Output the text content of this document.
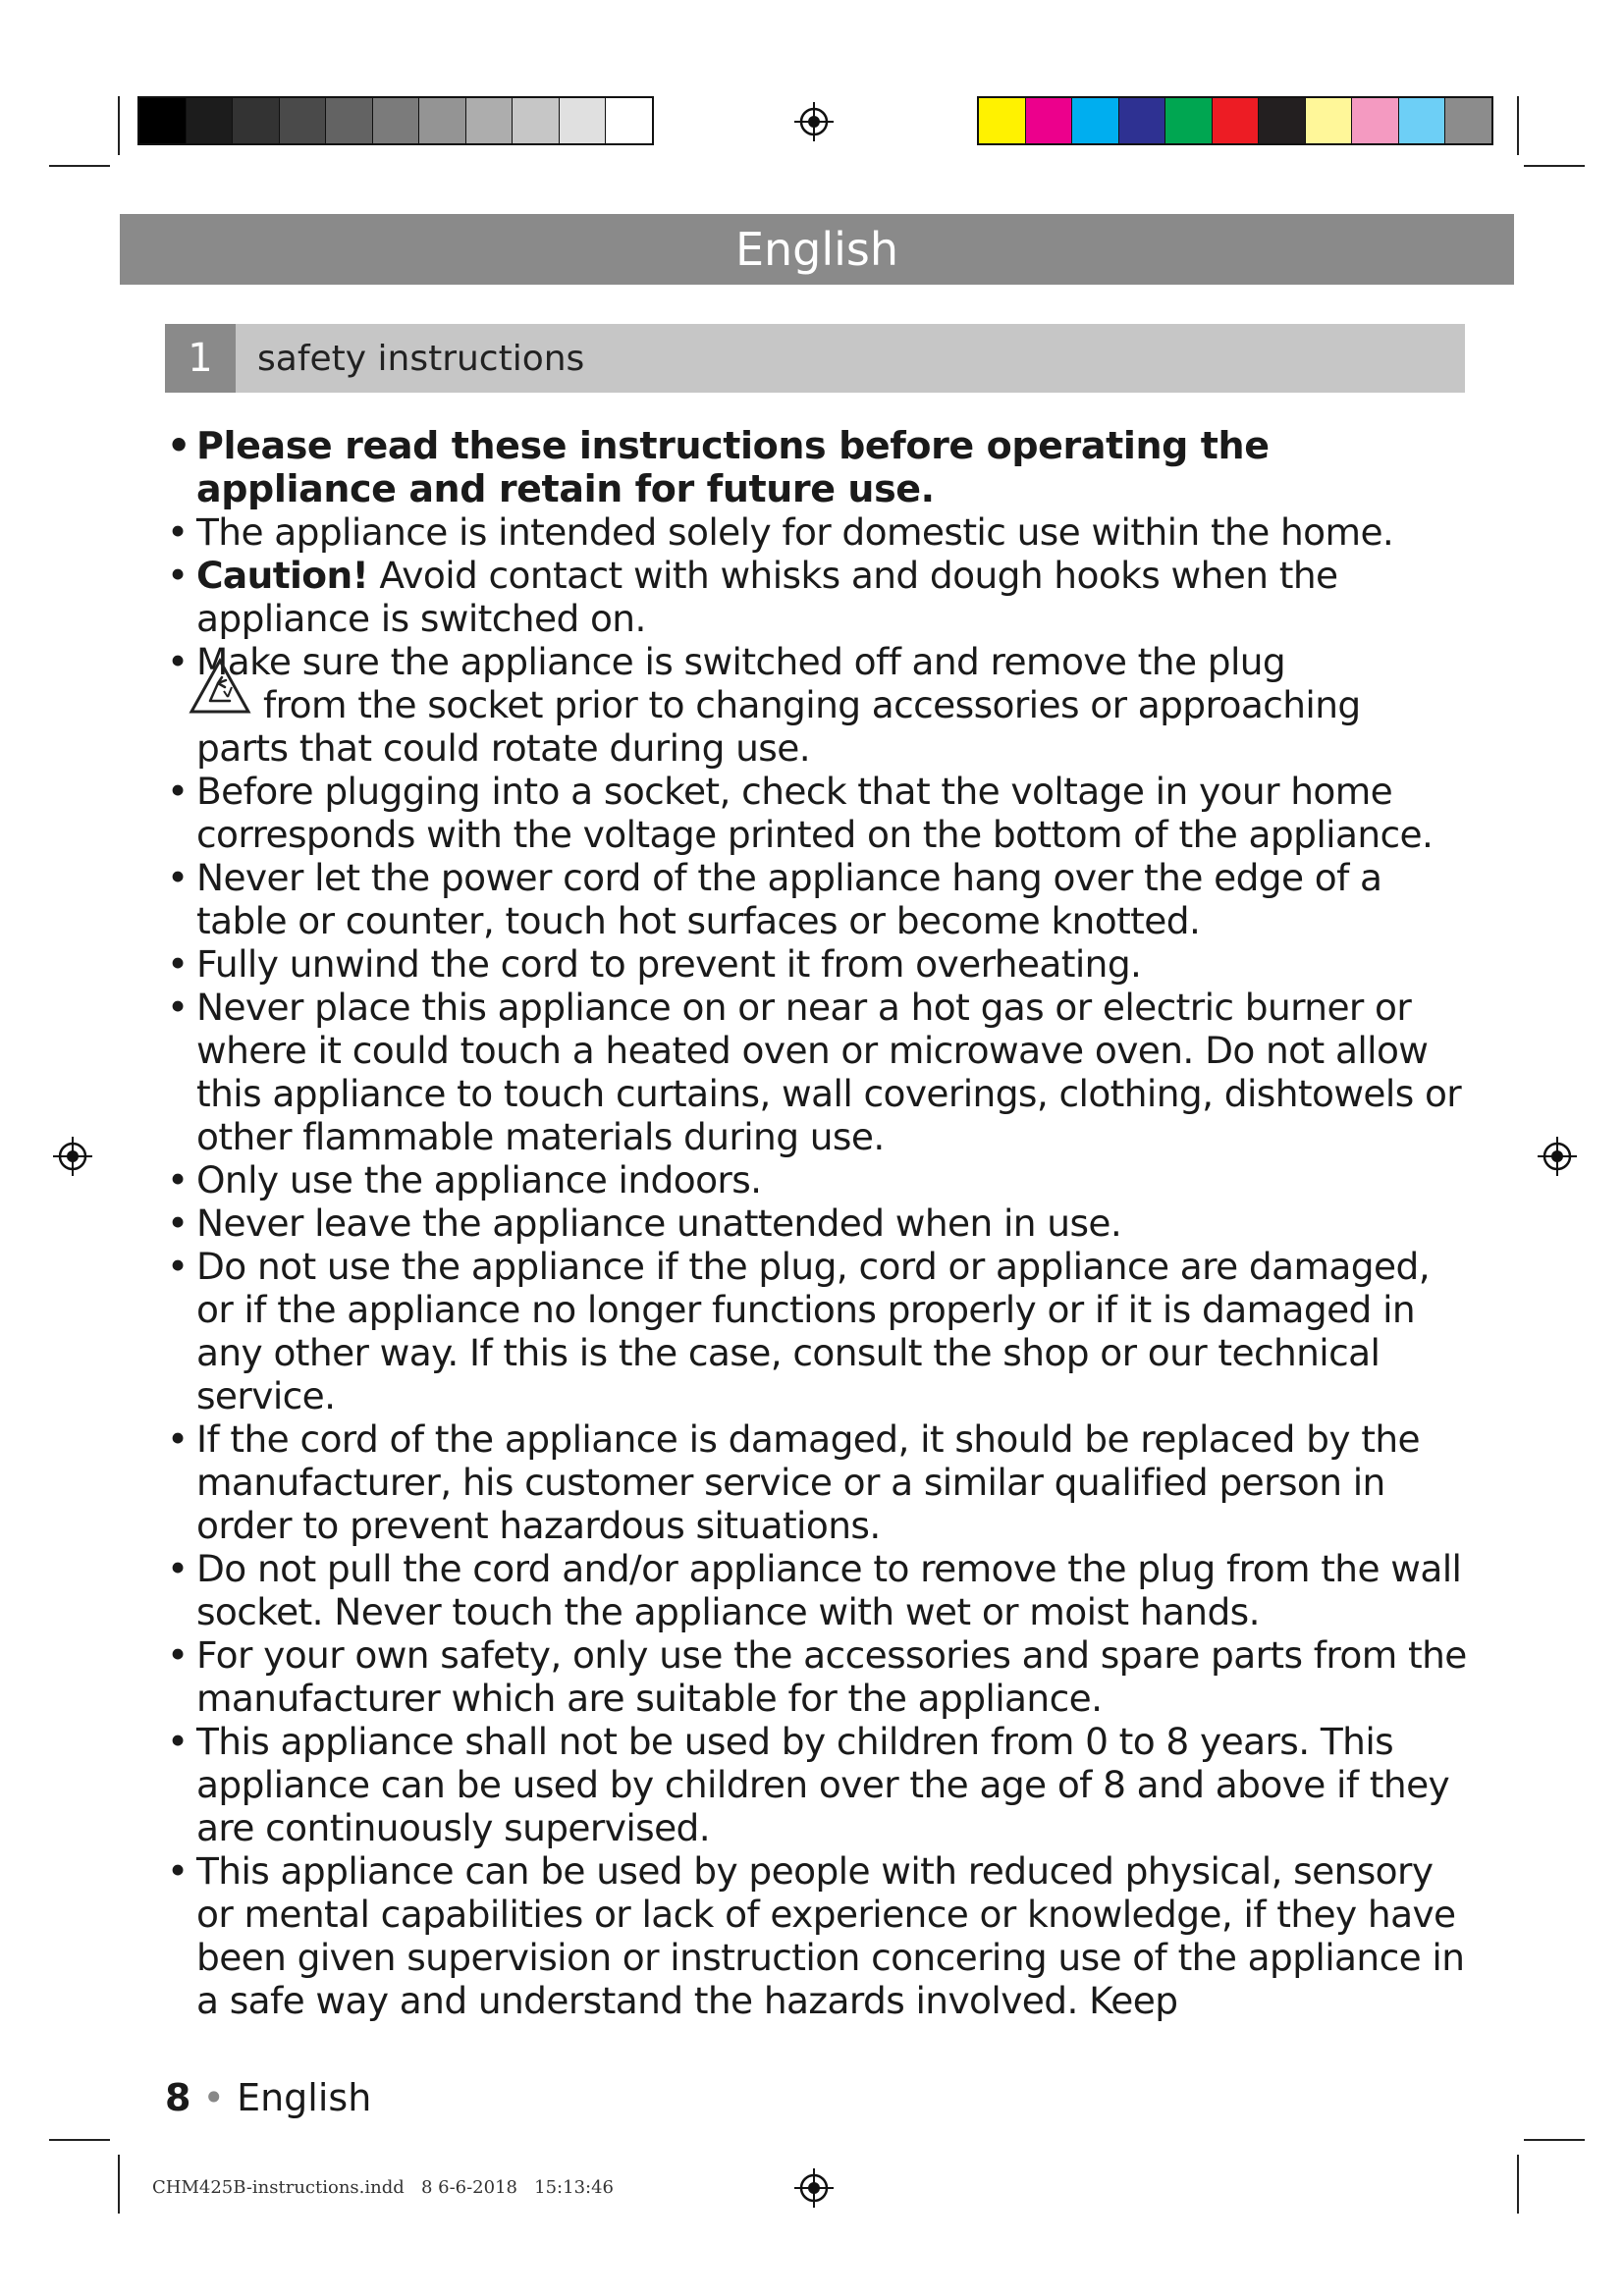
English
1	safety instructions

• Please read these instructions before operating the appliance and retain for future use.

• The appliance is intended solely for domestic use within the home.

• Caution! Avoid contact with whisks and dough hooks when the appliance is switched on.

• Make sure the appliance is switched off and remove the plug
from the socket prior to changing accessories or approaching
parts that could rotate during use.

• Before plugging into a socket, check that the voltage in your home corresponds with the voltage printed on the bottom of the appliance.

• Never let the power cord of the appliance hang over the edge of a table or counter, touch hot surfaces or become knotted.

• Fully unwind the cord to prevent it from overheating.

• Never place this appliance on or near a hot gas or electric burner or where it could touch a heated oven or microwave oven. Do not allow this appliance to touch curtains, wall coverings, clothing, dishtowels or other flammable materials during use.

• Only use the appliance indoors.

• Never leave the appliance unattended when in use.

• Do not use the appliance if the plug, cord or appliance are damaged, or if the appliance no longer functions properly or if it is damaged in any other way. If this is the case, consult the shop or our technical service.

• If the cord of the appliance is damaged, it should be replaced by the manufacturer, his customer service or a similar qualified person in order to prevent hazardous situations.

• Do not pull the cord and/or appliance to remove the plug from the wall socket. Never touch the appliance with wet or moist hands.

• For your own safety, only use the accessories and spare parts from the manufacturer which are suitable for the appliance.

• This appliance shall not be used by children from 0 to 8 years. This appliance can be used by children over the age of 8 and above if they are continuously supervised.

• This appliance can be used by people with reduced physical, sensory or mental capabilities or lack of experience or knowledge, if they have been given supervision or instruction concering use of the appliance in a safe way and understand the hazards involved. Keep

8 • English
CHM425B-instructions.indd   8 6-6-2018   15:13:46
